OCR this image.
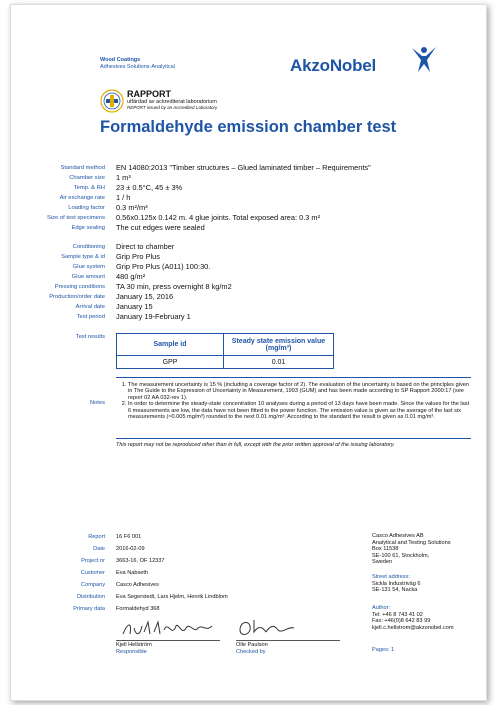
Wood Coatings
Adhesives Solutions-Analytical	AkzoNobel
RAPPORT
utfärdad av ackrediterat laboratorium
REPORT issued by an Accredited Laboratory
Formaldehyde emission chamber test
Standard method EN 14080:2013 "Timber structures – Glued laminated timber – Requirements"
Chamber size 1 m³
Temp. & RH 23 ± 0.5°C, 45 ± 3%
Air exchange rate 1 / h
Loading factor 0.3 m²/m³
Size of test specimens 0.56x0.125x 0.142 m. 4 glue joints. Total exposed area: 0.3 m²
Edge sealing The cut edges were sealed
Conditioning Direct to chamber
Sample type & id Grip Pro Plus
Glue system Grip Pro Plus (A011) 100:30.
Glue amount 480 g/m²
Pressing conditions TA 30 min, press overnight 8 kg/m2
Production/order date January 15, 2016
Arrival date January 15
Test period January 19-February 1
Test results
Sample id	Steady state emission value (mg/m³)
GPP	0.01
Notes
1. The measurement uncertainty is 15 % (including a coverage factor of 2). The evaluation of the uncertainty is based on the principles given in The Guide to the Expression of Uncertainty in Measurement, 1993 (GUM) and has been made according to SP Rapport 2000:17 (see report 02 AA 032-rev 1).
2. In order to determine the steady-state concentration 10 analyses during a period of 13 days have been made. Since the values for the last 6 measurements are low, the data have not been fitted to the power function. The emission value is given as the average of the last six measurements (≈0.005 mg/m³) rounded to the next 0.01 mg/m³. According to the standard the result is given as 0.01 mg/m³.
This report may not be reproduced other than in full, except with the prior written approval of the issuing laboratory.
Report 16 F6 001
Date 2016-02-09
Project nr 3663-16, OF 12337
Customer Eva Nabseth
Company Casco Adhesives
Distribution Eva Segerstedt, Lars Hjelm, Henrik Lindblom
Primary data Formaldehyd 368
Casco Adhesives AB
Analytical and Testing Solutions
Box 11538
SE-100 61, Stockholm,
Sweden
Street address:
Sickla Industriväg 6
SE-131 54, Nacka
Author:
Tel: +46 8 743 41 02
Fax: +46(0)8 642 83 99
kjell.c.hellstrom@akzonobel.com
Pages: 1
Kjell Hellström
Responsible
Olle Paulson
Checked by
